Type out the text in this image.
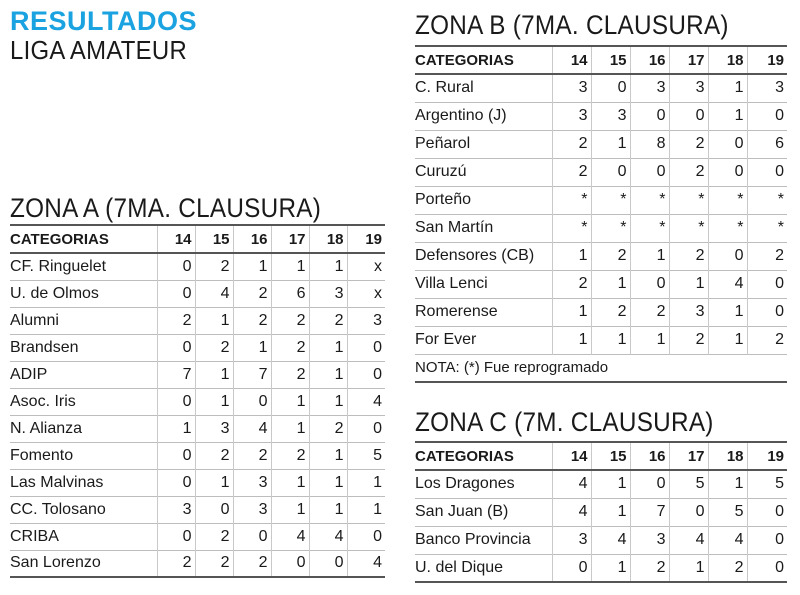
RESULTADOS
LIGA AMATEUR
ZONA A (7MA. CLAUSURA)
CATEGORIAS	14	15	16	17	18	19
CF. Ringuelet	0	2	1	1	1	x
U. de Olmos	0	4	2	6	3	x
Alumni	2	1	2	2	2	3
Brandsen	0	2	1	2	1	0
ADIP	7	1	7	2	1	0
Asoc. Iris	0	1	0	1	1	4
N. Alianza	1	3	4	1	2	0
Fomento	0	2	2	2	1	5
Las Malvinas	0	1	3	1	1	1
CC. Tolosano	3	0	3	1	1	1
CRIBA	0	2	0	4	4	0
San Lorenzo	2	2	2	0	0	4
ZONA B (7MA. CLAUSURA)
CATEGORIAS	14	15	16	17	18	19
C. Rural	3	0	3	3	1	3
Argentino (J)	3	3	0	0	1	0
Peñarol	2	1	8	2	0	6
Curuzú	2	0	0	2	0	0
Porteño	*	*	*	*	*	*
San Martín	*	*	*	*	*	*
Defensores (CB)	1	2	1	2	0	2
Villa Lenci	2	1	0	1	4	0
Romerense	1	2	2	3	1	0
For Ever	1	1	1	2	1	2
NOTA: (*) Fue reprogramado						
ZONA C (7M. CLAUSURA)
CATEGORIAS	14	15	16	17	18	19
Los Dragones	4	1	0	5	1	5
San Juan (B)	4	1	7	0	5	0
Banco Provincia	3	4	3	4	4	0
U. del Dique	0	1	2	1	2	0
